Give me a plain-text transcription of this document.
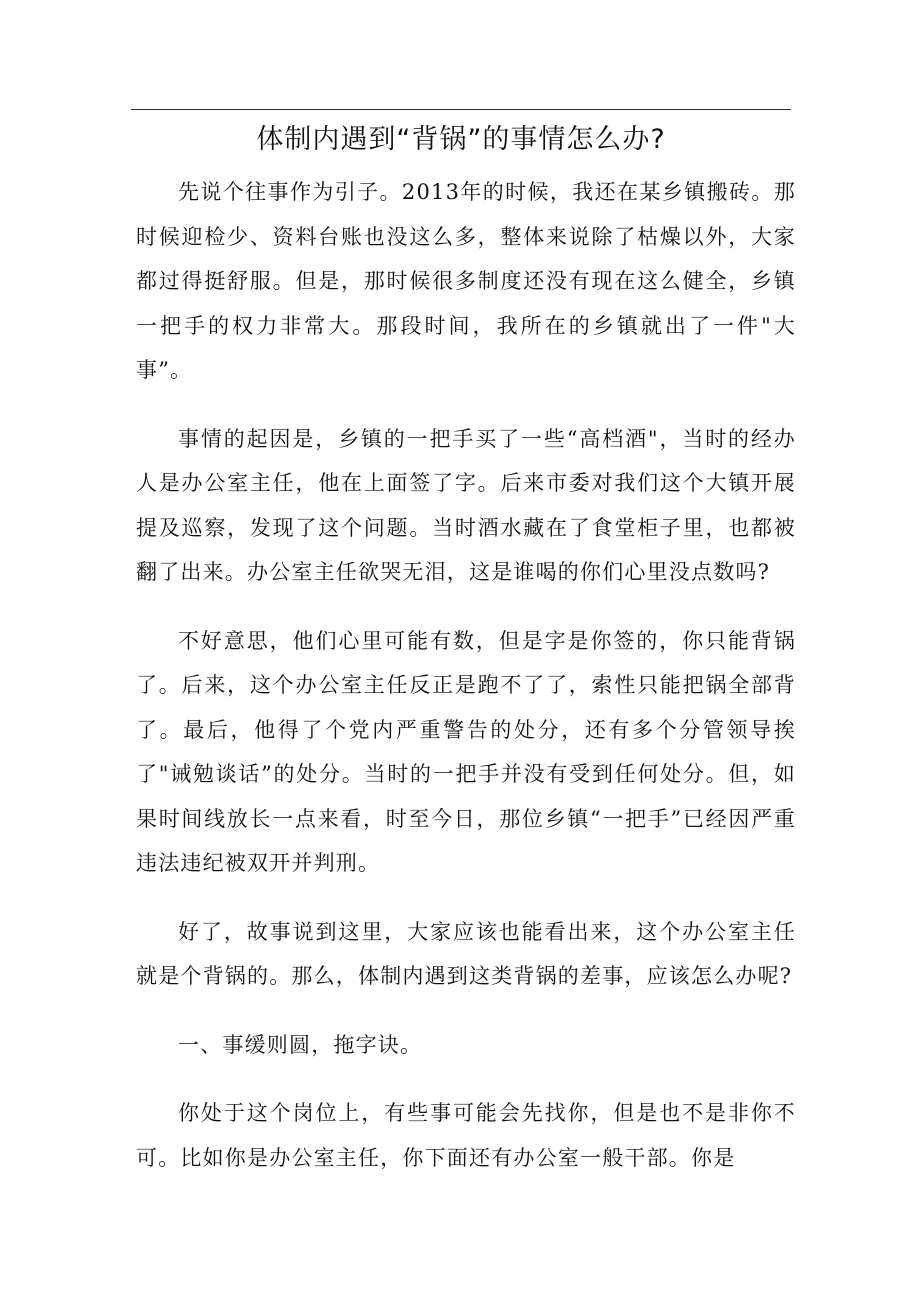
体制内遇到“背锅”的事情怎么办?

先说个往事作为引子。2013年的时候，我还在某乡镇搬砖。那时候迎检少、资料台账也没这么多，整体来说除了枯燥以外，大家都过得挺舒服。但是，那时候很多制度还没有现在这么健全，乡镇一把手的权力非常大。那段时间，我所在的乡镇就出了一件"大事”。

事情的起因是，乡镇的一把手买了一些“高档酒"，当时的经办人是办公室主任，他在上面签了字。后来市委对我们这个大镇开展提及巡察，发现了这个问题。当时酒水藏在了食堂柜子里，也都被翻了出来。办公室主任欲哭无泪，这是谁喝的你们心里没点数吗?

不好意思，他们心里可能有数，但是字是你签的，你只能背锅了。后来，这个办公室主任反正是跑不了了，索性只能把锅全部背了。最后，他得了个党内严重警告的处分，还有多个分管领导挨了"诫勉谈话”的处分。当时的一把手并没有受到任何处分。但，如果时间线放长一点来看，时至今日，那位乡镇“一把手”已经因严重违法违纪被双开并判刑。

好了，故事说到这里，大家应该也能看出来，这个办公室主任就是个背锅的。那么，体制内遇到这类背锅的差事，应该怎么办呢?

一、事缓则圆，拖字诀。

你处于这个岗位上，有些事可能会先找你，但是也不是非你不可。比如你是办公室主任，你下面还有办公室一般干部。你是
